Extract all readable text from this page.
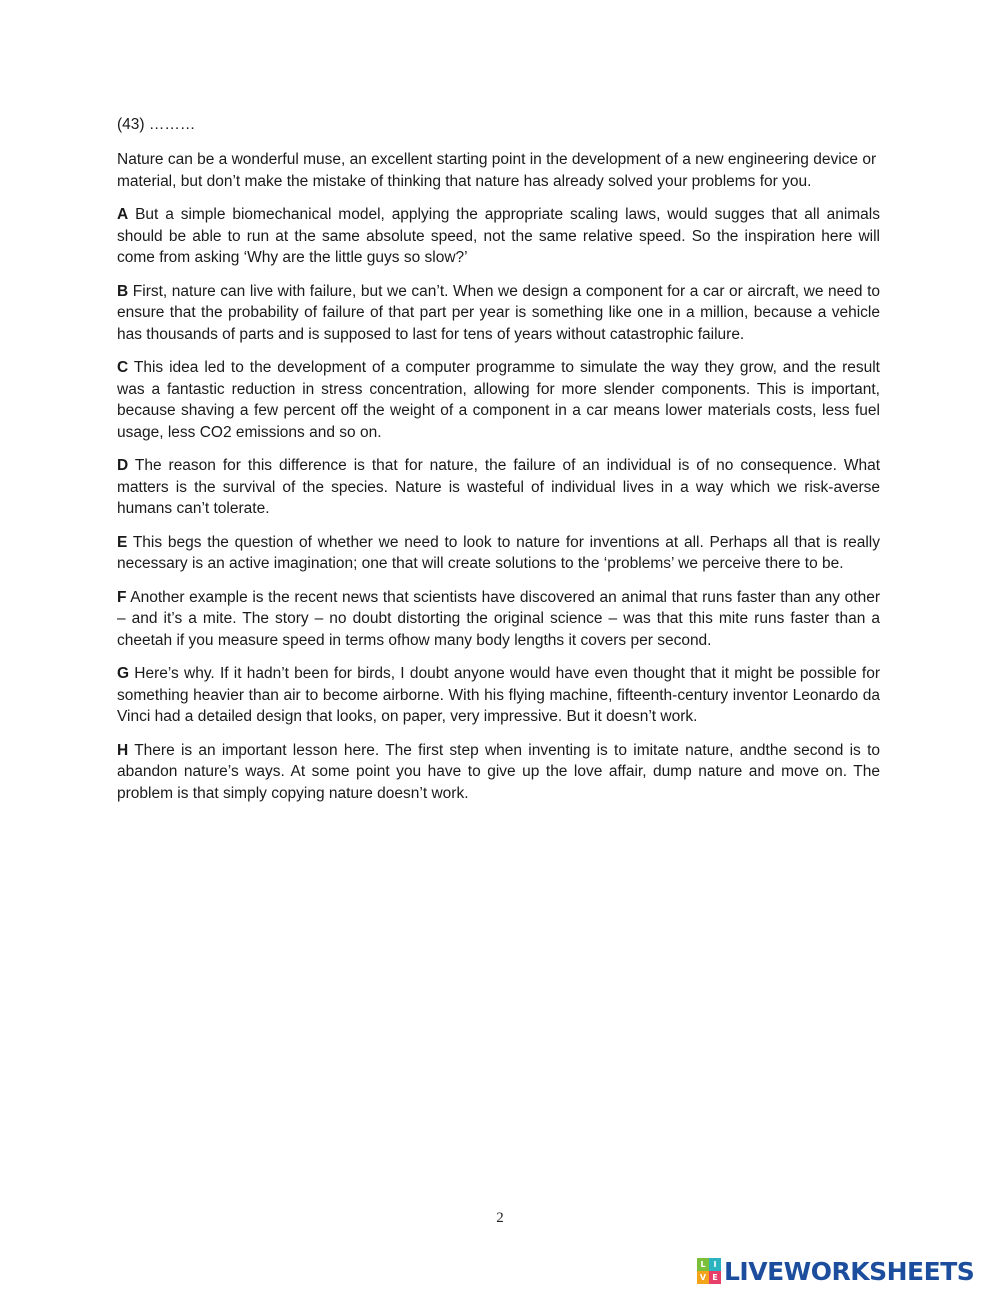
(43) ………

Nature can be a wonderful muse, an excellent starting point in the development of a new engineering device or material, but don’t make the mistake of thinking that nature has already solved your problems for you.

A But a simple biomechanical model, applying the appropriate scaling laws, would sugges that all animals should be able to run at the same absolute speed, not the same relative speed. So the inspiration here will come from asking ‘Why are the little guys so slow?’

B First, nature can live with failure, but we can’t. When we design a component for a car or aircraft, we need to ensure that the probability of failure of that part per year is something like one in a million, because a vehicle has thousands of parts and is supposed to last for tens of years without catastrophic failure.

C This idea led to the development of a computer programme to simulate the way they grow, and the result was a fantastic reduction in stress concentration, allowing for more slender components. This is important, because shaving a few percent off the weight of a component in a car means lower materials costs, less fuel usage, less CO2 emissions and so on.

D The reason for this difference is that for nature, the failure of an individual is of no consequence. What matters is the survival of the species. Nature is wasteful of individual lives in a way which we risk-averse humans can’t tolerate.

E This begs the question of whether we need to look to nature for inventions at all. Perhaps all that is really necessary is an active imagination; one that will create solutions to the ‘problems’ we perceive there to be.

F Another example is the recent news that scientists have discovered an animal that runs faster than any other – and it’s a mite. The story – no doubt distorting the original science – was that this mite runs faster than a cheetah if you measure speed in terms ofhow many body lengths it covers per second.

G Here’s why. If it hadn’t been for birds, I doubt anyone would have even thought that it might be possible for something heavier than air to become airborne. With his flying machine, fifteenth-century inventor Leonardo da Vinci had a detailed design that looks, on paper, very impressive. But it doesn’t work.

H There is an important lesson here. The first step when inventing is to imitate nature, andthe second is to abandon nature’s ways. At some point you have to give up the love affair, dump nature and move on. The problem is that simply copying nature doesn’t work.

2
L I
V E LIVEWORKSHEETS
